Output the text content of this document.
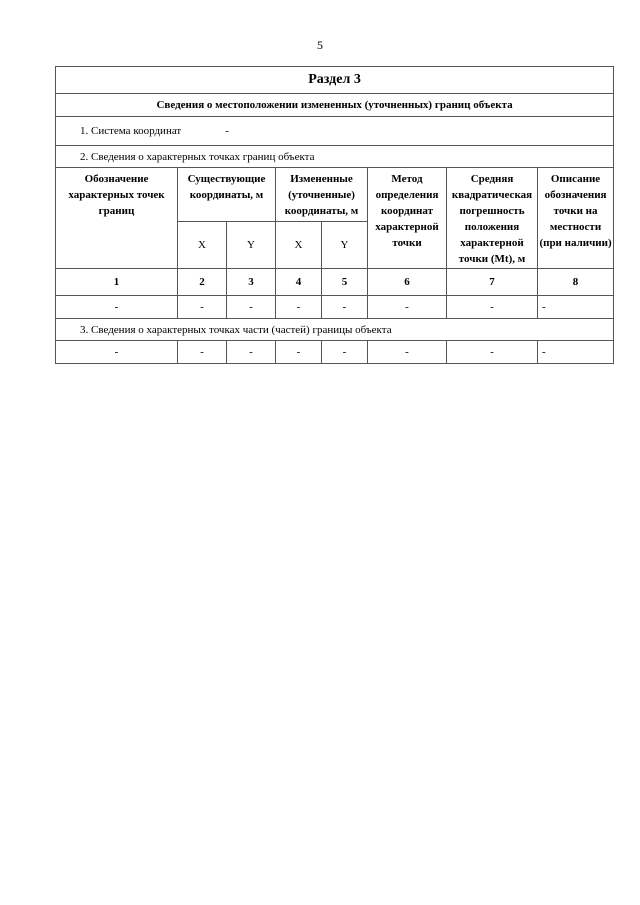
5
Раздел 3							
Сведения о местоположении измененных (уточненных) границ объекта							
1. Система координат -							
2. Сведения о характерных точках границ объекта							
Обозначение характерных точек границ	Существующие координаты, м		Измененные (уточненные) координаты, м		Метод определения координат характерной точки	Средняя квадратическая погрешность положения характерной точки (Mt), м	Описание обозначения точки на местности (при наличии)
	X	Y	X	Y			
1	2	3	4	5	6	7	8
-	-	-	-	-	-	-	-
3. Сведения о характерных точках части (частей) границы объекта							
-	-	-	-	-	-	-	-
